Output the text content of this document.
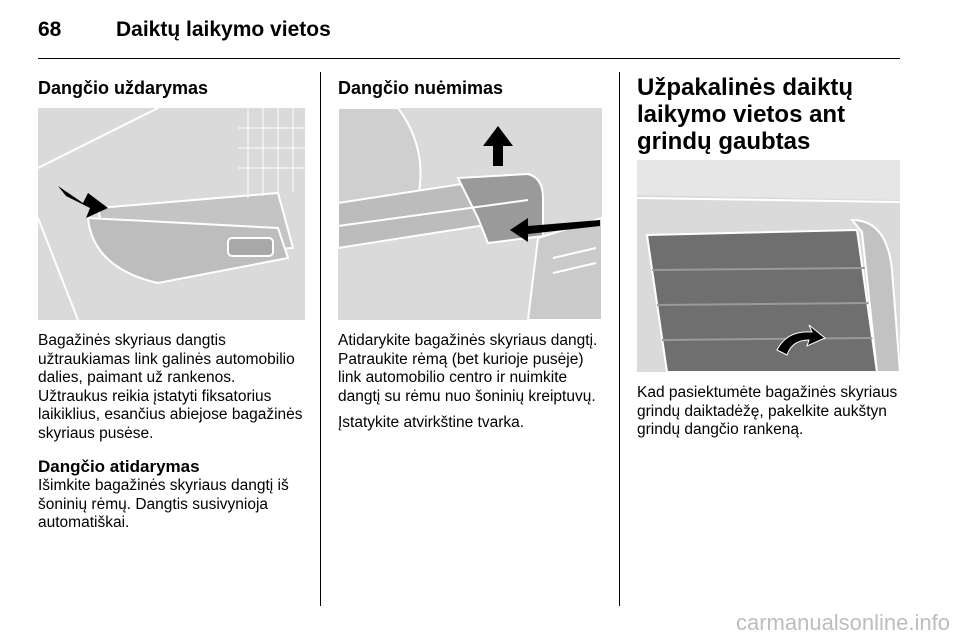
68	Daiktų laikymo vietos
Dangčio uždarymas

Bagažinės skyriaus dangtis užtraukiamas link galinės automobilio dalies, paimant už rankenos. Užtraukus reikia įstatyti fiksatorius laikiklius, esančius abiejose bagažinės skyriaus pusėse.

Dangčio atidarymas

Išimkite bagažinės skyriaus dangtį iš šoninių rėmų. Dangtis susivynioja automatiškai.

Dangčio nuėmimas

Atidarykite bagažinės skyriaus dangtį. Patraukite rėmą (bet kurioje pusėje) link automobilio centro ir nuimkite dangtį su rėmu nuo šoninių kreiptuvų.

Įstatykite atvirkštine tvarka.

Užpakalinės daiktų laikymo vietos ant grindų gaubtas

Kad pasiektumėte bagažinės skyriaus grindų daiktadėžę, pakelkite aukštyn grindų dangčio rankeną.

carmanualsonline.info
